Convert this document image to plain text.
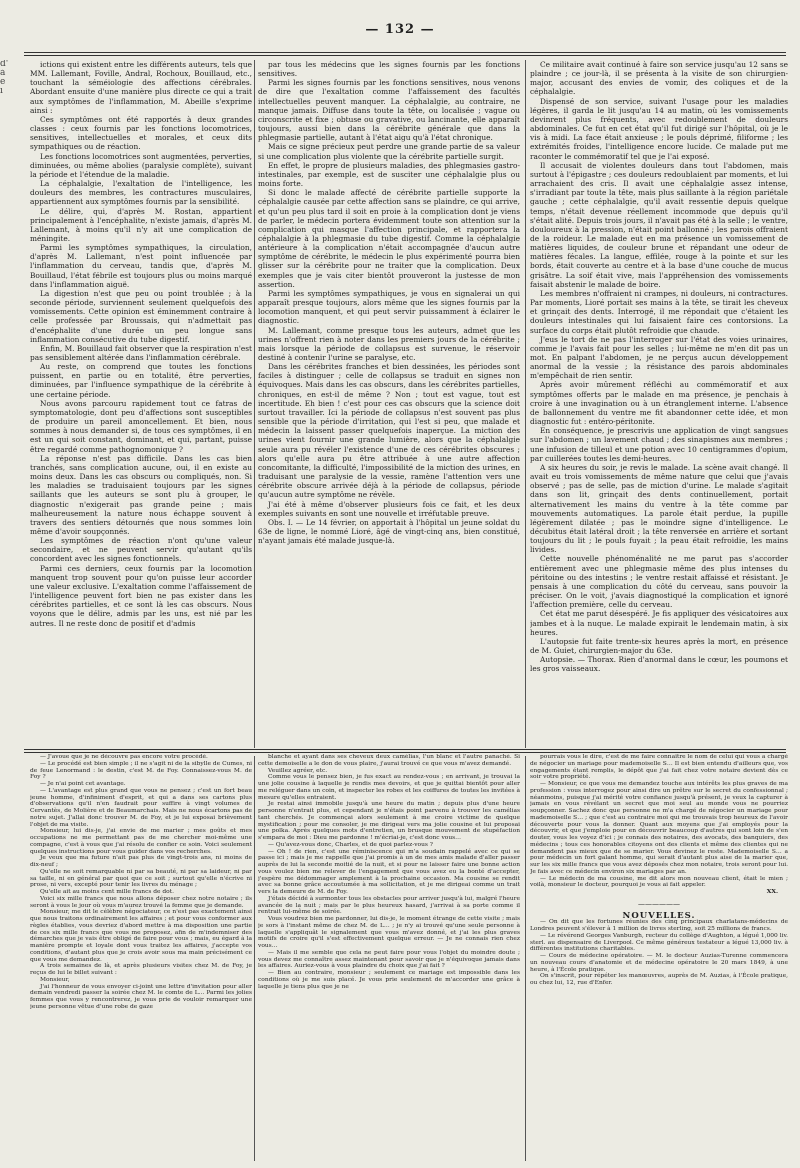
— 132 —
d'
à
e
i

ictions qui existent entre les différents auteurs, tels que MM. Lallemant, Foville, Andral, Rochoux, Bouillaud, etc., touchant la séméiologie des affections cérébrales. Abordant ensuite d'une manière plus directe ce qui a trait aux symptômes de l'inflammation, M. Abeille s'exprime ainsi :

Ces symptômes ont été rapportés à deux grandes classes : ceux fournis par les fonctions locomotrices, sensitives, intellectuelles et morales, et ceux dits sympathiques ou de réaction.

Les fonctions locomotrices sont augmentées, perverties, diminuées, ou même abolies (paralysie complète), suivant la période et l'étendue de la maladie.

La céphalalgie, l'exaltation de l'intelligence, les douleurs des membres, les contractures musculaires, appartiennent aux symptômes fournis par la sensibilité.

Le délire, qui, d'après M. Rostan, appartient principalement à l'encéphalite, n'existe jamais, d'après M. Lallemant, à moins qu'il n'y ait une complication de méningite.

Parmi les symptômes sympathiques, la circulation, d'après M. Lallemant, n'est point influencée par l'inflammation du cerveau, tandis que, d'après M. Bouillaud, l'état fébrile est toujours plus ou moins marqué dans l'inflammation aiguë.

La digestion n'est que peu ou point troublée ; à la seconde période, surviennent seulement quelquefois des vomissements. Cette opinion est éminemment contraire à celle professée par Broussais, qui n'admettait pas d'encéphalite d'une durée un peu longue sans inflammation consécutive du tube digestif.

Enfin, M. Bouillaud fait observer que la respiration n'est pas sensiblement altérée dans l'inflammation cérébrale.

Au reste, on comprend que toutes les fonctions puissent, en partie ou en totalité, être perverties, diminuées, par l'influence sympathique de la cérébrite à une certaine période.

Nous avons parcouru rapidement tout ce fatras de symptomatologie, dont peu d'affections sont susceptibles de produire un pareil amoncellement. Et bien, nous sommes à nous demander si, de tous ces symptômes, il en est un qui soit constant, dominant, et qui, partant, puisse être regardé comme pathognomonique ?

La réponse n'est pas difficile. Dans les cas bien tranchés, sans complication aucune, oui, il en existe au moins deux. Dans les cas obscurs ou compliqués, non. Si les maladies se traduisaient toujours par les signes saillants que les auteurs se sont plu à grouper, le diagnostic n'exigerait pas grande peine ; mais malheureusement la nature nous échappe souvent à travers des sentiers détournés que nous sommes loin même d'avoir soupçonnés.

Les symptômes de réaction n'ont qu'une valeur secondaire, et ne peuvent servir qu'autant qu'ils concordent avec les signes fonctionnels.

Parmi ces derniers, ceux fournis par la locomotion manquent trop souvent pour qu'on puisse leur accorder une valeur exclusive. L'exaltation comme l'affaissement de l'intelligence peuvent fort bien ne pas exister dans les cérébrites partielles, et ce sont là les cas obscurs. Nous voyons que le délire, admis par les uns, est nié par les autres. Il ne reste donc de positif et d'admis

par tous les médecins que les signes fournis par les fonctions sensitives.

Parmi les signes fournis par les fonctions sensitives, nous venons de dire que l'exaltation comme l'affaissement des facultés intellectuelles peuvent manquer. La céphalalgie, au contraire, ne manque jamais. Diffuse dans toute la tête, ou localisée ; vague ou circonscrite et fixe ; obtuse ou gravative, ou lancinante, elle apparaît toujours, aussi bien dans la cérébrite générale que dans la phlegmasie partielle, autant à l'état aigu qu'à l'état chronique.

Mais ce signe précieux peut perdre une grande partie de sa valeur si une complication plus violente que la cérébrite partielle surgit.

En effet, le propre de plusieurs maladies, des phlegmasies gastro-intestinales, par exemple, est de susciter une céphalalgie plus ou moins forte.

Si donc le malade affecté de cérébrite partielle supporte la céphalalgie causée par cette affection sans se plaindre, ce qui arrive, et qu'un peu plus tard il soit en proie à la complication dont je viens de parler, le médecin portera évidemment toute son attention sur la complication qui masque l'affection principale, et rapportera la céphalalgie à la phlegmasie du tube digestif. Comme la céphalalgie antérieure à la complication n'était accompagnée d'aucun autre symptôme de cérébrite, le médecin le plus expérimenté pourra bien glisser sur la cérébrite pour ne traiter que la complication. Deux exemples que je vais citer bientôt prouveront la justesse de mon assertion.

Parmi les symptômes sympathiques, je vous en signalerai un qui apparaît presque toujours, alors même que les signes fournis par la locomotion manquent, et qui peut servir puissamment à éclairer le diagnostic.

M. Lallemant, comme presque tous les auteurs, admet que les urines n'offrent rien à noter dans les premiers jours de la cérébrite ; mais lorsque la période de collapsus est survenue, le réservoir destiné à contenir l'urine se paralyse, etc.

Dans les cérébrites franches et bien dessinées, les périodes sont faciles à distinguer ; celle de collapsus se traduit en signes non équivoques. Mais dans les cas obscurs, dans les cérébrites partielles, chroniques, en est-il de même ? Non ; tout est vague, tout est incertitude. Eh bien ! c'est pour ces cas obscurs que la science doit surtout travailler. Ici la période de collapsus n'est souvent pas plus sensible que la période d'irritation, qui l'est si peu, que malade et médecin la laissent passer quelquefois inaperçue. La miction des urines vient fournir une grande lumière, alors que la céphalalgie seule aura pu révéler l'existence d'une de ces cérébrites obscures ; alors qu'elle aura pu être attribuée à une autre affection concomitante, la difficulté, l'impossibilité de la miction des urines, en traduisant une paralysie de la vessie, ramène l'attention vers une cérébrite obscure arrivée déjà à la période de collapsus, période qu'aucun autre symptôme ne révèle.

J'ai été à même d'observer plusieurs fois ce fait, et les deux exemples suivants en sont une nouvelle et irréfutable preuve.

Obs. I. — Le 14 février, on apportait à l'hôpital un jeune soldat du 63e de ligne, le nommé Lioré, âgé de vingt-cinq ans, bien constitué, n'ayant jamais été malade jusque-là.

Ce militaire avait continué à faire son service jusqu'au 12 sans se plaindre ; ce jour-là, il se présenta à la visite de son chirurgien-major, accusant des envies de vomir, des coliques et de la céphalalgie.

Dispensé de son service, suivant l'usage pour les maladies légères, il garda le lit jusqu'au 14 au matin, où les vomissements devinrent plus fréquents, avec redoublement de douleurs abdominales. Ce fut en cet état qu'il fut dirigé sur l'hôpital, où je le vis à midi. La face était anxieuse ; le pouls déprimé, filiforme ; les extrémités froides, l'intelligence encore lucide. Ce malade put me raconter le commémoratif tel que je l'ai exposé.

Il accusait de violentes douleurs dans tout l'abdomen, mais surtout à l'épigastre ; ces douleurs redoublaient par moments, et lui arrachaient des cris. Il avait une céphalalgie assez intense, s'irradiant par toute la tête, mais plus saillante à la région pariétale gauche ; cette céphalalgie, qu'il avait ressentie depuis quelque temps, n'était devenue réellement incommode que depuis qu'il s'était alité. Depuis trois jours, il n'avait pas été à la selle ; le ventre, douloureux à la pression, n'était point ballonné ; les parois offraient de la roideur. Le malade eut en ma présence un vomissement de matières liquides, de couleur brune et répandant une odeur de matières fécales. La langue, effilée, rouge à la pointe et sur les bords, était couverte au centre et à la base d'une couche de mucus grisâtre. La soif était vive, mais l'appréhension des vomissements faisait abstenir le malade de boire.

Les membres n'offraient ni crampes, ni douleurs, ni contractures. Par moments, Lioré portait ses mains à la tête, se tirait les cheveux et grinçait des dents. Interrogé, il me répondait que c'étaient les douleurs intestinales qui lui faisaient faire ces contorsions. La surface du corps était plutôt refroidie que chaude.

J'eus le tort de ne pas l'interroger sur l'état des voies urinaires, comme je l'avais fait pour les selles ; lui-même ne m'en dit pas un mot. En palpant l'abdomen, je ne perçus aucun développement anormal de la vessie ; la résistance des parois abdominales m'empêchait de rien sentir.

Après avoir mûrement réfléchi au commémoratif et aux symptômes offerts par le malade en ma présence, je penchais à croire à une invagination ou à un étranglement interne. L'absence de ballonnement du ventre me fit abandonner cette idée, et mon diagnostic fut : entéro-péritonite.

En conséquence, je prescrivis une application de vingt sangsues sur l'abdomen ; un lavement chaud ; des sinapismes aux membres ; une infusion de tilleul et une potion avec 10 centigrammes d'opium, par cuillerées toutes les demi-heures.

A six heures du soir, je revis le malade. La scène avait changé. Il avait eu trois vomissements de même nature que celui que j'avais observé ; pas de selle, pas de miction d'urine. Le malade s'agitait dans son lit, grinçait des dents continuellement, portait alternativement les mains du ventre à la tête comme par mouvements automatiques. La parole était perdue, la pupille légèrement dilatée ; pas le moindre signe d'intelligence. Le décubitus était latéral droit ; la tête renversée en arrière et sortant toujours du lit ; le pouls fuyait ; la peau était refroidie, les mains livides.

Cette nouvelle phénoménalité ne me parut pas s'accorder entièrement avec une phlegmasie même des plus intenses du péritoine ou des intestins ; le ventre restait affaissé et résistant. Je pensais à une complication du côté du cerveau, sans pouvoir la préciser. On le voit, j'avais diagnostiqué la complication et ignoré l'affection première, celle du cerveau.

Cet état me parut désespéré. Je fis appliquer des vésicatoires aux jambes et à la nuque. Le malade expirait le lendemain matin, à six heures.

L'autopsie fut faite trente-six heures après la mort, en présence de M. Guiet, chirurgien-major du 63e.

Autopsie. — Thorax. Rien d'anormal dans le cœur, les poumons et les gros vaisseaux.

— J'avoue que je ne découvre pas encore votre procédé.

— Le procédé est bien simple ; il ne s'agit ni de la sibylle de Cumes, ni de feue Lenormand : le destin, c'est M. de Foy. Connaissez-vous M. de Foy ?

— Je n'ai point cet avantage.

— L'avantage est plus grand que vous ne pensez ; c'est un fort beau jeune homme, d'infiniment d'esprit, et qui a dans ses cartons plus d'observations qu'il n'en faudrait pour suffire à vingt volumes de Cervantès, de Molière et de Beaumarchais. Mais ne nous écartons pas de notre sujet. J'allai donc trouver M. de Foy, et je lui exposai brièvement l'objet de ma visite.

Monsieur, lui dis-je, j'ai envie de me marier ; mes goûts et mes occupations ne me permettant pas de me chercher moi-même une compagne, c'est à vous que j'ai résolu de confier ce soin. Voici seulement quelques instructions pour vous guider dans vos recherches.

Je veux que ma future n'ait pas plus de vingt-trois ans, ni moins de dix-neuf ;

Qu'elle ne soit remarquable ni par sa beauté, ni par sa laideur, ni par sa taille, ni en général par quoi que ce soit ; surtout qu'elle n'écrive ni prose, ni vers, excepté pour tenir les livres du ménage ;

Qu'elle ait au moins cent mille francs de dot.

Voici six mille francs que nous allons déposer chez notre notaire ; ils seront à vous le jour où vous m'aurez trouvé la femme que je demande.

Monsieur, me dit le célèbre négociateur, ce n'est pas exactement ainsi que nous traitons ordinairement les affaires ; et pour vous conformer aux règles établies, vous devriez d'abord mettre à ma disposition une partie de ces six mille francs que vous me proposez, afin de m'indemniser des démarches que je vais être obligé de faire pour vous ; mais, eu égard à la manière prompte et loyale dont vous traitez les affaires, j'accepte vos conditions, d'autant plus que je crois avoir sous ma main précisément ce que vous me demandez.

A trois semaines de là, et après plusieurs visites chez M. de Foy, je reçus de lui le billet suivant :

Monsieur,

J'ai l'honneur de vous envoyer ci-joint une lettre d'invitation pour aller demain vendredi passer la soirée chez M. le comte de L... Parmi les jolies femmes que vous y rencontrerez, je vous prie de vouloir remarquer une jeune personne vêtue d'une robe de gaze

blanche et ayant dans ses cheveux deux camélias, l'un blanc et l'autre panaché. Si cette demoiselle a le don de vous plaire, j'aurai trouvé ce que vous m'avez demandé.

Veuillez agréer, etc.

Comme vous le pensez bien, je fus exact au rendez-vous ; en arrivant, je trouvai la une jolie cousine à laquelle je rendis mes devoirs, et que je quittai bientôt pour aller me reléguer dans un coin, et inspecter les robes et les coiffures de toutes les invitées à mesure qu'elles entraient.

Je restai ainsi immobile jusqu'à une heure du matin ; depuis plus d'une heure personne n'entrait plus, et cependant je n'étais point parvenu à trouver les camélias tant cherchés. Je commençai alors seulement à me croire victime de quelque mystification ; pour me consoler, je me dirigeai vers ma jolie cousine et lui proposai une polka. Après quelques mots d'entretien, un brusque mouvement de stupéfaction s'empara de moi : Dieu me pardonne ! m'écriai-je, c'est donc vous…

— Qu'avez-vous donc, Charles, et de quoi parlez-vous ?

— Oh ! de rien, c'est une réminiscence qui m'a soudain rappelé avec ce qui se passe ici ; mais je me rappelle que j'ai promis à un de mes amis malade d'aller passer auprès de lui la seconde moitié de la nuit, et si pour ne laisser faire une bonne action vous voulez bien me relever de l'engagement que vous avez eu la bonté d'accepter, j'espère me dédommager amplement à la prochaine occasion. Ma cousine se rendit avec sa bonne grâce accoutumée à ma sollicitation, et je me dirigeai comme un trait vers la demeure de M. de Foy.

J'étais décidé à surmonter tous les obstacles pour arriver jusqu'à lui, malgré l'heure avancée de la nuit ; mais par le plus heureux hasard, j'arrivai à sa porte comme il rentrait lui-même de soirée.

Vous voudrez bien me pardonner, lui dis-je, le moment étrange de cette visite ; mais je sors à l'instant même de chez M. de L… ; je n'y ai trouvé qu'une seule personne à laquelle s'appliquât le signalement que vous m'avez donné, et j'ai les plus graves motifs de croire qu'il s'est effectivement quelque erreur. — Je ne connais rien chez vous…

— Mais il me semble que cela ne peut faire pour vous l'objet du moindre doute ; vous devez me connaître assez maintenant pour savoir que je n'équivoque jamais dans les affaires. Auriez-vous à vous plaindre du choix que j'ai fait ?

— Bien au contraire, monsieur ; seulement ce mariage est impossible dans les conditions où je me suis placé. Je vous prie seulement de m'accorder une grâce à laquelle je tiens plus que je ne

pourrais vous le dire, c'est de me faire connaître le nom de celui qui vous a chargé de négocier un mariage pour mademoiselle S… Il est bien entendu d'ailleurs que, vos engagements étant remplis, le dépôt que j'ai fait chez votre notaire devient dès ce soir votre propriété.

— Monsieur, ce que vous me demandez touche aux intérêts les plus graves de ma profession : vous interrogez pour ainsi dire un prêtre sur le secret du confessionnal ; néanmoins, puisque j'ai mérité votre confiance jusqu'à présent, je veux la capturer à jamais en vous révélant un secret que moi seul au monde vous ne pourriez soupçonner. Sachez donc que personne ne m'a chargé de négocier un mariage pour mademoiselle S… ; que c'est au contraire moi qui me trouvais trop heureux de l'avoir découverte pour vous la donner. Quant aux moyens que j'ai employés pour la découvrir, et que j'emploie pour en découvrir beaucoup d'autres qui sont loin de s'en douter, vous les voyez d'ici ; je connais des notaires, des avocats, des banquiers, des médecins ; tous ces honorables citoyens ont des clients et même des clientes qui ne demandent pas mieux que de se marier. Vous devinez le reste. Mademoiselle S… a pour médecin un fort galant homme, qui serait d'autant plus aise de la marier que, sur les six mille francs que vous avez déposés chez mon notaire, trois seront pour lui. Je fais avec ce médecin environ six mariages par an.

— Le médecin de ma cousine, me dit alors mon nouveau client, était le mien ; voilà, monsieur le docteur, pourquoi je vous ai fait appeler.

XX.

——————

NOUVELLES.

— On dit que les fortunes réunies des cinq principaux charlatans-médecins de Londres peuvent s'élever à 1 million de livres sterling, soit 25 millions de francs.

— Le révérend Georges Vanburgh, recteur du collège d'Aughton, a légué 1,000 liv. sterl. au dispensaire de Liverpool. Ce même généreux testateur a légué 13,000 liv. à différentes institutions charitables.

— Cours de médecine opératoire. — M. le docteur Auzias-Turenne commencera un nouveau cours d'anatomie et de médecine opératoire le 20 mars 1849, à une heure, à l'École pratique.

On s'inscrit, pour répéter les manœuvres, auprès de M. Auzias, à l'École pratique, ou chez lui, 12, rue d'Enfer.
